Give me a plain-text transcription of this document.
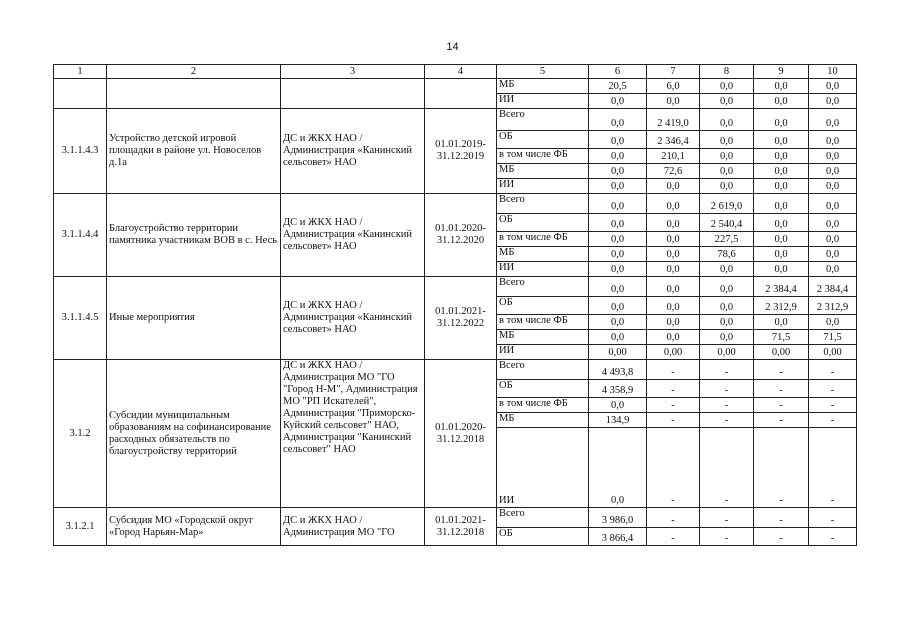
14
1	2	3	4	5	6	7	8	9	10
				МБ	20,5	6,0	0,0	0,0	0,0
				ИИ	0,0	0,0	0,0	0,0	0,0
3.1.1.4.3	Устройство детской игровой площадки в районе ул. Новоселов д.1а	ДС и ЖКХ НАО / Администрация «Канинский сельсовет» НАО	01.01.2019-31.12.2019	Всего	0,0	2 419,0	0,0	0,0	0,0
				ОБ	0,0	2 346,4	0,0	0,0	0,0
				в том числе ФБ	0,0	210,1	0,0	0,0	0,0
				МБ	0,0	72,6	0,0	0,0	0,0
				ИИ	0,0	0,0	0,0	0,0	0,0
3.1.1.4.4	Благоустройство территории памятника участникам ВОВ в с. Несь	ДС и ЖКХ НАО / Администрация «Канинский сельсовет» НАО	01.01.2020-31.12.2020	Всего	0,0	0,0	2 619,0	0,0	0,0
				ОБ	0,0	0,0	2 540,4	0,0	0,0
				в том числе ФБ	0,0	0,0	227,5	0,0	0,0
				МБ	0,0	0,0	78,6	0,0	0,0
				ИИ	0,0	0,0	0,0	0,0	0,0
3.1.1.4.5	Иные мероприятия	ДС и ЖКХ НАО / Администрация «Канинский сельсовет» НАО	01.01.2021-31.12.2022	Всего	0,0	0,0	0,0	2 384,4	2 384,4
				ОБ	0,0	0,0	0,0	2 312,9	2 312,9
				в том числе ФБ	0,0	0,0	0,0	0,0	0,0
				МБ	0,0	0,0	0,0	71,5	71,5
				ИИ	0,00	0,00	0,00	0,00	0,00
3.1.2	Субсидии муниципальным образованиям на софинансирование расходных обязательств по благоустройству территорий	ДС и ЖКХ НАО / Администрация МО "ГО "Город Н-М", Администрация МО "РП Искателей", Администрация "Приморско-Куйский сельсовет" НАО, Администрация "Канинский сельсовет" НАО	01.01.2020-31.12.2018	Всего	4 493,8	-	-	-	-
				ОБ	4 358,9	-	-	-	-
				в том числе ФБ	0,0	-	-	-	-
				МБ	134,9	-	-	-	-
				ИИ	0,0	-	-	-	-
3.1.2.1	Субсидия МО «Городской округ «Город Нарьян-Мар»	ДС и ЖКХ НАО / Администрация МО "ГО	01.01.2021-31.12.2018	Всего	3 986,0	-	-	-	-
				ОБ	3 866,4	-	-	-	-
